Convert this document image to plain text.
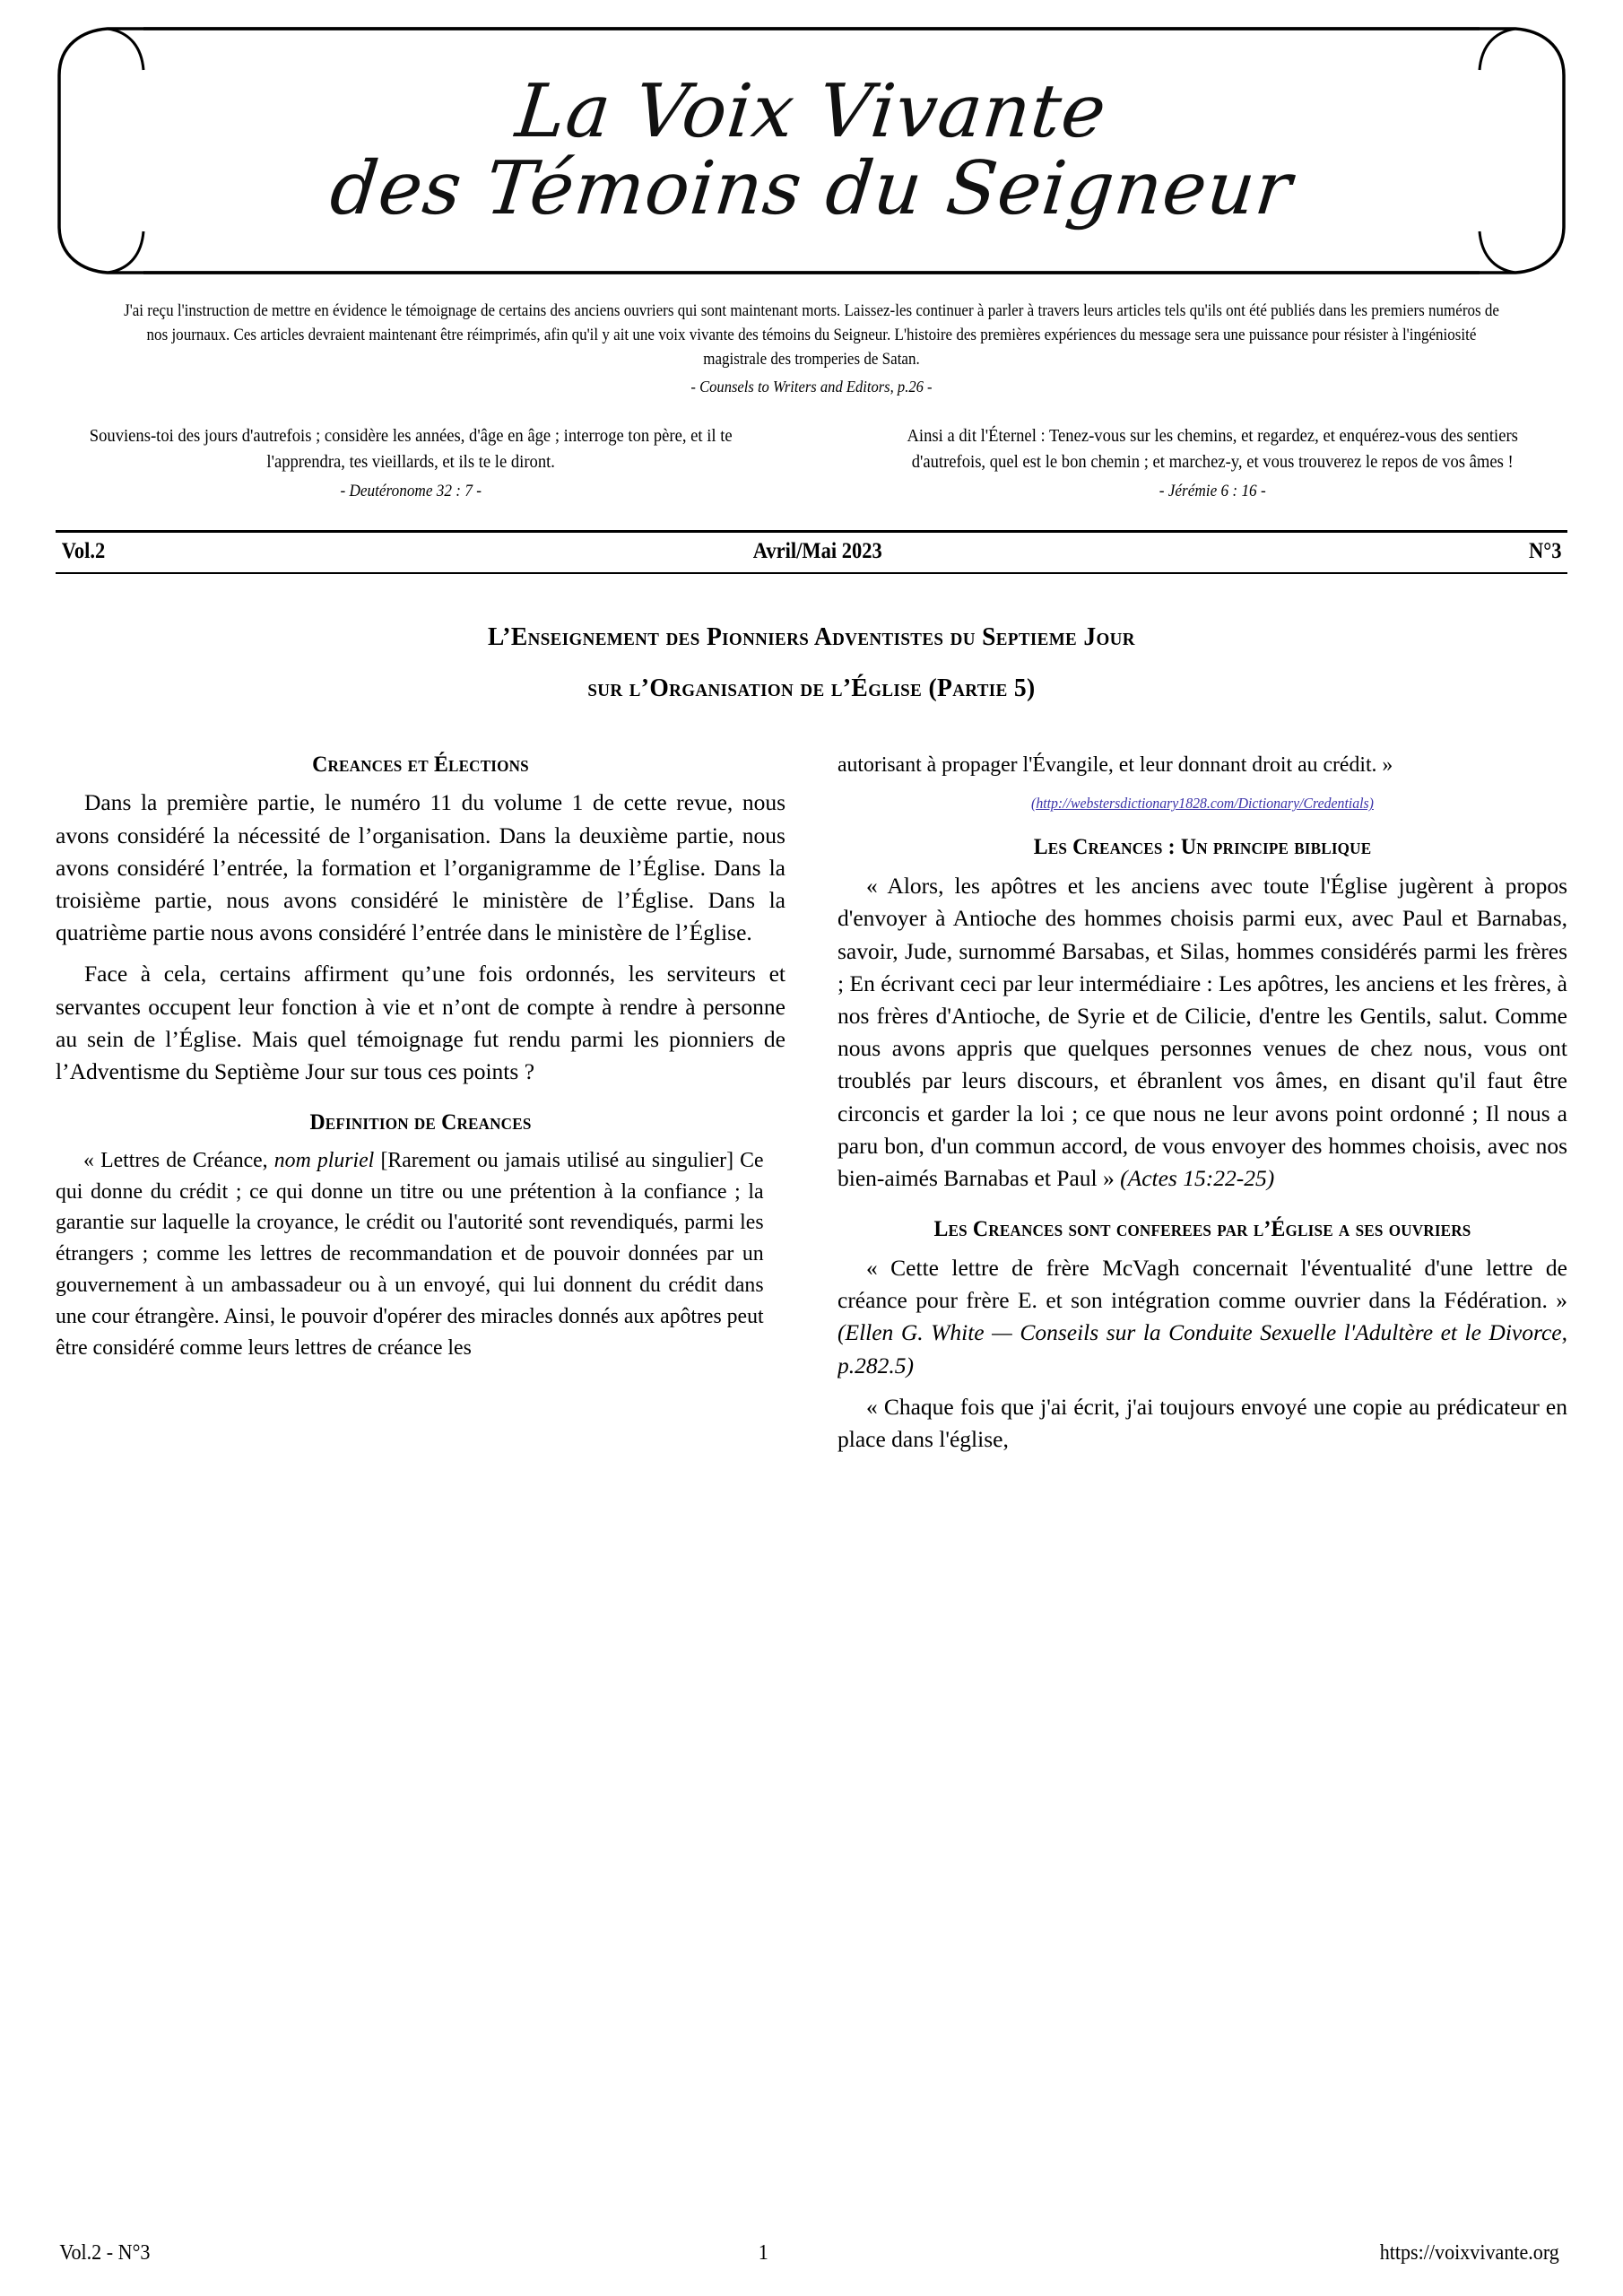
La Voix Vivante
des Témoins du Seigneur
J'ai reçu l'instruction de mettre en évidence le témoignage de certains des anciens ouvriers qui sont maintenant morts. Laissez-les continuer à parler à travers leurs articles tels qu'ils ont été publiés dans les premiers numéros de nos journaux. Ces articles devraient maintenant être réimprimés, afin qu'il y ait une voix vivante des témoins du Seigneur. L'histoire des premières expériences du message sera une puissance pour résister à l'ingéniosité magistrale des tromperies de Satan.
- Counsels to Writers and Editors, p.26 -
Souviens-toi des jours d'autrefois ; considère les années, d'âge en âge ; interroge ton père, et il te l'apprendra, tes vieillards, et ils te le diront.
- Deutéronome 32 : 7 -
Ainsi a dit l'Éternel : Tenez-vous sur les chemins, et regardez, et enquérez-vous des sentiers d'autrefois, quel est le bon chemin ; et marchez-y, et vous trouverez le repos de vos âmes !
- Jérémie 6 : 16 -
Vol.2	Avril/Mai 2023	N°3
L’Enseignement des Pionniers Adventistes du Septieme Jour
sur l’Organisation de l’Église (Partie 5)
Creances et Élections

Dans la première partie, le numéro 11 du volume 1 de cette revue, nous avons considéré la nécessité de l’organisation. Dans la deuxième partie, nous avons considéré l’entrée, la formation et l’organigramme de l’Église. Dans la troisième partie, nous avons considéré le ministère de l’Église. Dans la quatrième partie nous avons considéré l’entrée dans le ministère de l’Église.

Face à cela, certains affirment qu’une fois ordonnés, les serviteurs et servantes occupent leur fonction à vie et n’ont de compte à rendre à personne au sein de l’Église. Mais quel témoignage fut rendu parmi les pionniers de l’Adventisme du Septième Jour sur tous ces points ?

Definition de Creances

« Lettres de Créance, nom pluriel [Rarement ou jamais utilisé au singulier] Ce qui donne du crédit ; ce qui donne un titre ou une prétention à la confiance ; la garantie sur laquelle la croyance, le crédit ou l'autorité sont revendiqués, parmi les étrangers ; comme les lettres de recommandation et de pouvoir données par un gouvernement à un ambassadeur ou à un envoyé, qui lui donnent du crédit dans une cour étrangère. Ainsi, le pouvoir d'opérer des miracles donnés aux apôtres peut être considéré comme leurs lettres de créance les

autorisant à propager l'Évangile, et leur donnant droit au crédit. »

(http://webstersdictionary1828.com/Dictionary/Credentials)
Les Creances : Un principe biblique

« Alors, les apôtres et les anciens avec toute l'Église jugèrent à propos d'envoyer à Antioche des hommes choisis parmi eux, avec Paul et Barnabas, savoir, Jude, surnommé Barsabas, et Silas, hommes considérés parmi les frères ; En écrivant ceci par leur intermédiaire : Les apôtres, les anciens et les frères, à nos frères d'Antioche, de Syrie et de Cilicie, d'entre les Gentils, salut. Comme nous avons appris que quelques personnes venues de chez nous, vous ont troublés par leurs discours, et ébranlent vos âmes, en disant qu'il faut être circoncis et garder la loi ; ce que nous ne leur avons point ordonné ; Il nous a paru bon, d'un commun accord, de vous envoyer des hommes choisis, avec nos bien-aimés Barnabas et Paul » (Actes 15:22-25)

Les Creances sont conferees par l’Église a ses ouvriers

« Cette lettre de frère McVagh concernait l'éventualité d'une lettre de créance pour frère E. et son intégration comme ouvrier dans la Fédération. » (Ellen G. White — Conseils sur la Conduite Sexuelle l'Adultère et le Divorce, p.282.5)

« Chaque fois que j'ai écrit, j'ai toujours envoyé une copie au prédicateur en place dans l'église,

Vol.2 - N°3	1	https://voixvivante.org
